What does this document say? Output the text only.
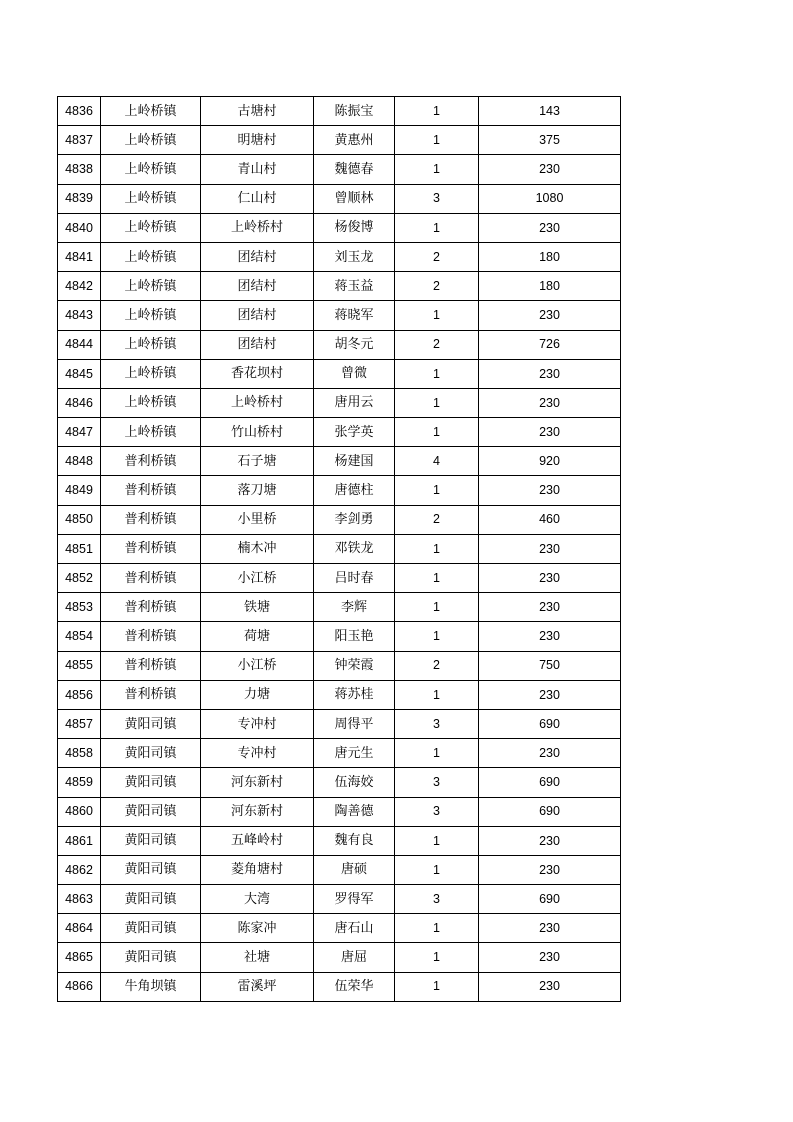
4836	上岭桥镇	古塘村	陈振宝	1	143
4837	上岭桥镇	明塘村	黄惠州	1	375
4838	上岭桥镇	青山村	魏德春	1	230
4839	上岭桥镇	仁山村	曾顺林	3	1080
4840	上岭桥镇	上岭桥村	杨俊博	1	230
4841	上岭桥镇	团结村	刘玉龙	2	180
4842	上岭桥镇	团结村	蒋玉益	2	180
4843	上岭桥镇	团结村	蒋晓军	1	230
4844	上岭桥镇	团结村	胡冬元	2	726
4845	上岭桥镇	香花坝村	曾微	1	230
4846	上岭桥镇	上岭桥村	唐用云	1	230
4847	上岭桥镇	竹山桥村	张学英	1	230
4848	普利桥镇	石子塘	杨建国	4	920
4849	普利桥镇	落刀塘	唐德柱	1	230
4850	普利桥镇	小里桥	李剑勇	2	460
4851	普利桥镇	楠木冲	邓铁龙	1	230
4852	普利桥镇	小江桥	吕时春	1	230
4853	普利桥镇	铁塘	李辉	1	230
4854	普利桥镇	荷塘	阳玉艳	1	230
4855	普利桥镇	小江桥	钟荣霞	2	750
4856	普利桥镇	力塘	蒋苏桂	1	230
4857	黄阳司镇	专冲村	周得平	3	690
4858	黄阳司镇	专冲村	唐元生	1	230
4859	黄阳司镇	河东新村	伍海姣	3	690
4860	黄阳司镇	河东新村	陶善德	3	690
4861	黄阳司镇	五峰岭村	魏有良	1	230
4862	黄阳司镇	菱角塘村	唐硕	1	230
4863	黄阳司镇	大湾	罗得军	3	690
4864	黄阳司镇	陈家冲	唐石山	1	230
4865	黄阳司镇	社塘	唐屈	1	230
4866	牛角坝镇	雷溪坪	伍荣华	1	230
